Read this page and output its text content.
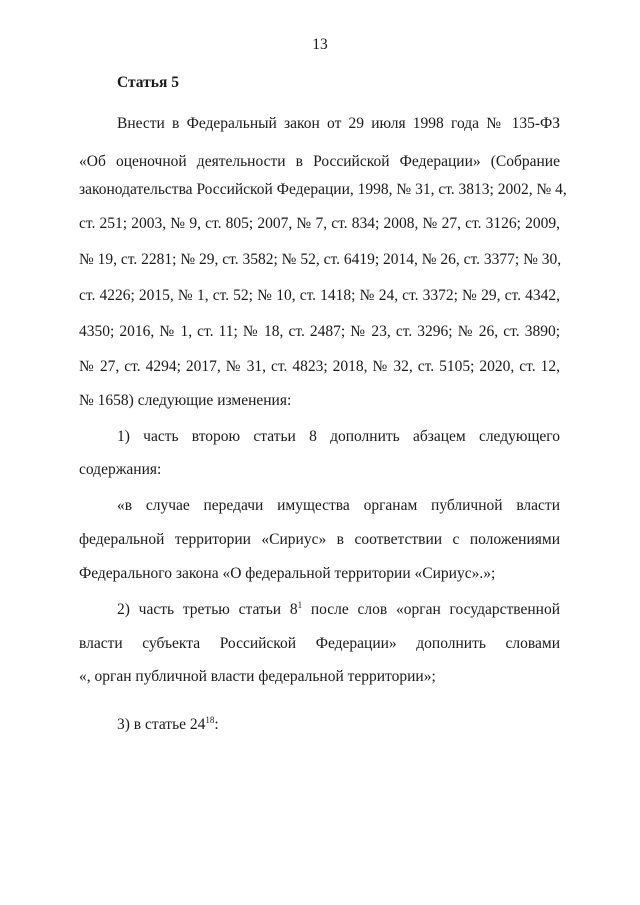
13
Статья 5
Внести в Федеральный закон от 29 июля 1998 года № 135-ФЗ
«Об оценочной деятельности в Российской Федерации» (Собрание
законодательства Российской Федерации, 1998, № 31, ст. 3813; 2002, № 4,
ст. 251; 2003, № 9, ст. 805; 2007, № 7, ст. 834; 2008, № 27, ст. 3126; 2009,
№ 19, ст. 2281; № 29, ст. 3582; № 52, ст. 6419; 2014, № 26, ст. 3377; № 30,
ст. 4226; 2015, № 1, ст. 52; № 10, ст. 1418; № 24, ст. 3372; № 29, ст. 4342,
4350; 2016, № 1, ст. 11; № 18, ст. 2487; № 23, ст. 3296; № 26, ст. 3890;
№ 27, ст. 4294; 2017, № 31, ст. 4823; 2018, № 32, ст. 5105; 2020, ст. 12,
№ 1658) следующие изменения:
1) часть второю статьи 8 дополнить абзацем следующего
содержания:
«в случае передачи имущества органам публичной власти
федеральной территории «Сириус» в соответствии с положениями
Федерального закона «О федеральной территории «Сириус».»;
2) часть третью статьи $8^1$ после слов «орган государственной
власти субъекта Российской Федерации» дополнить словами
«, орган публичной власти федеральной территории»;
3) в статье $24^{18}$:
